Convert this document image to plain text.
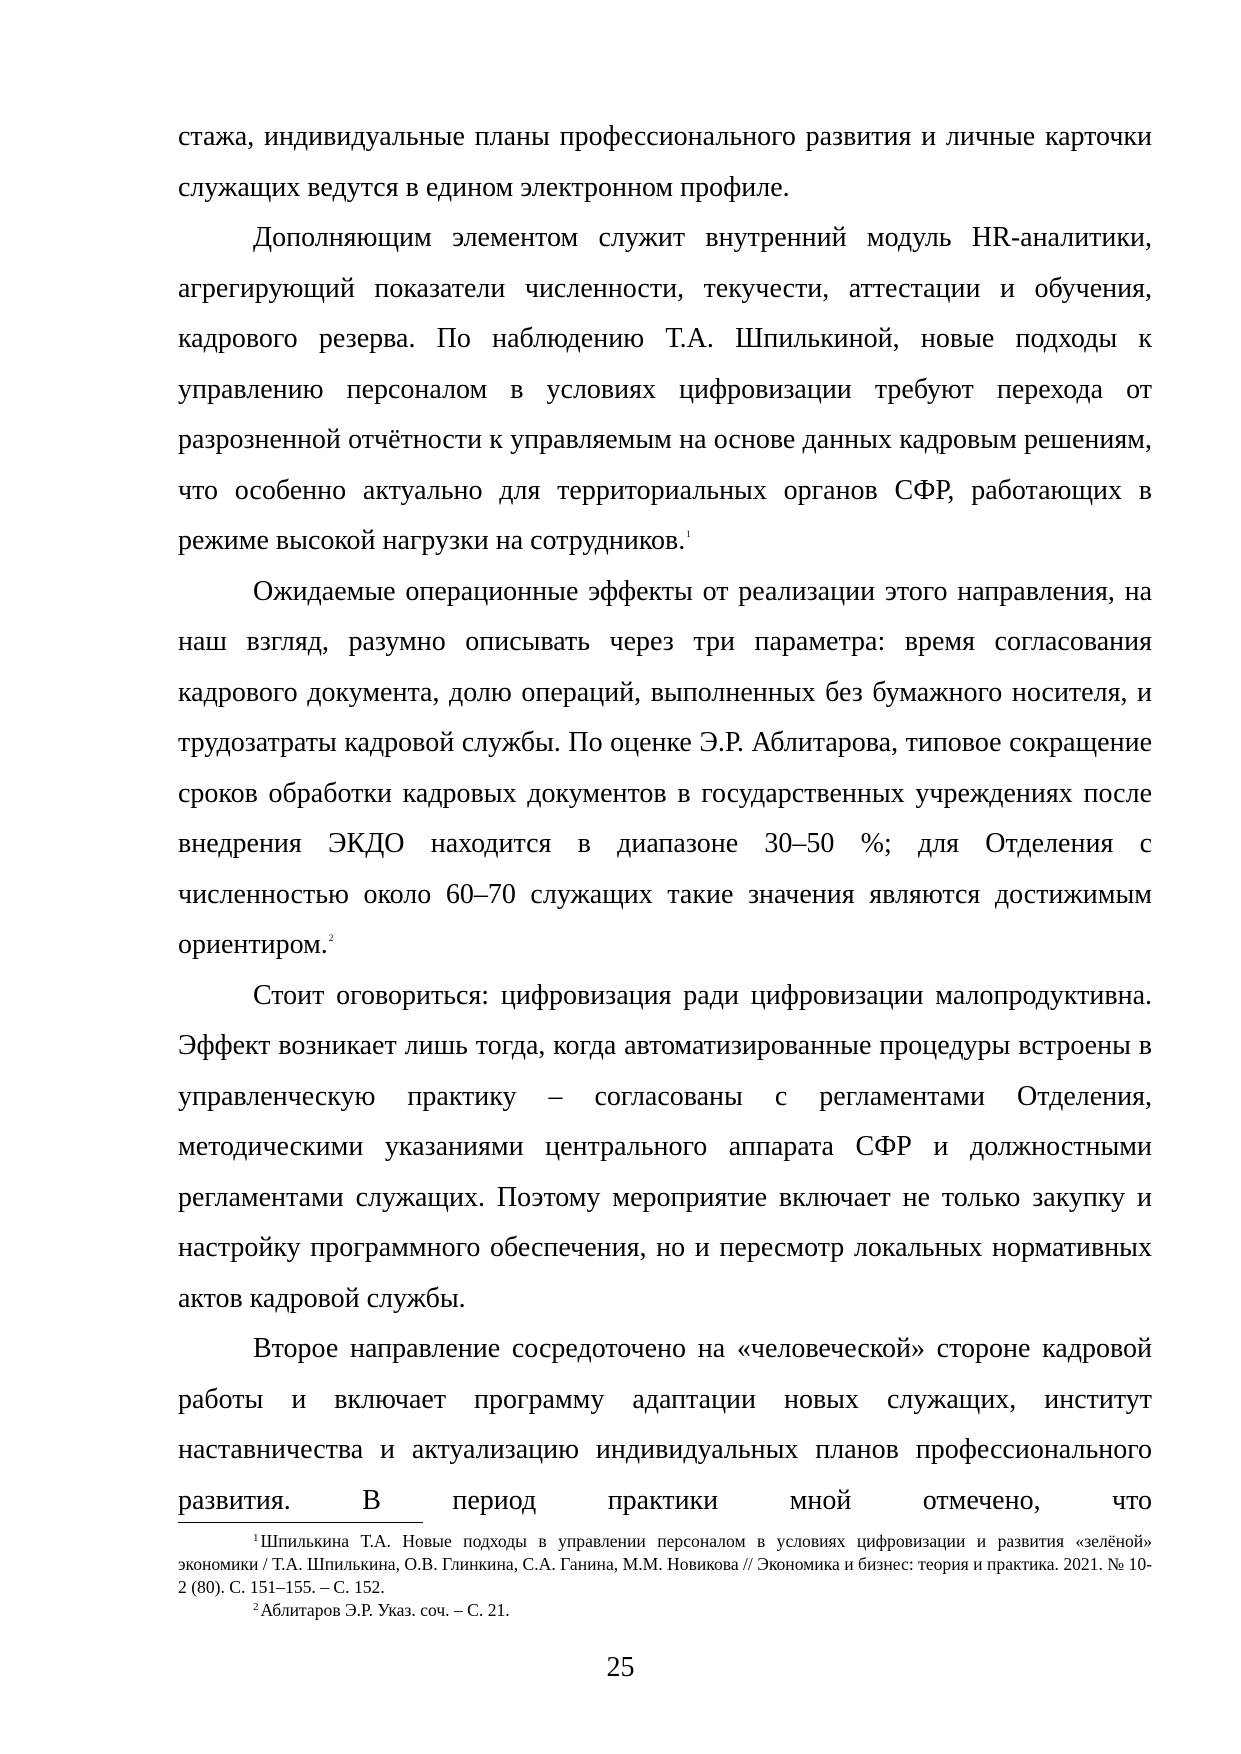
стажа, индивидуальные планы профессионального развития и личные карточки служащих ведутся в едином электронном профиле.

Дополняющим элементом служит внутренний модуль HR-аналитики, агрегирующий показатели численности, текучести, аттестации и обучения, кадрового резерва. По наблюдению Т.А. Шпилькиной, новые подходы к управлению персоналом в условиях цифровизации требуют перехода от разрозненной отчётности к управляемым на основе данных кадровым решениям, что особенно актуально для территориальных органов СФР, работающих в режиме высокой нагрузки на сотрудников.$^1$

Ожидаемые операционные эффекты от реализации этого направления, на наш взгляд, разумно описывать через три параметра: время согласования кадрового документа, долю операций, выполненных без бумажного носителя, и трудозатраты кадровой службы. По оценке Э.Р. Аблитарова, типовое сокращение сроков обработки кадровых документов в государственных учреждениях после внедрения ЭКДО находится в диапазоне 30–50 %; для Отделения с численностью около 60–70 служащих такие значения являются достижимым ориентиром.$^2$

Стоит оговориться: цифровизация ради цифровизации малопродуктивна. Эффект возникает лишь тогда, когда автоматизированные процедуры встроены в управленческую практику – согласованы с регламентами Отделения, методическими указаниями центрального аппарата СФР и должностными регламентами служащих. Поэтому мероприятие включает не только закупку и настройку программного обеспечения, но и пересмотр локальных нормативных актов кадровой службы.

Второе направление сосредоточено на «человеческой» стороне кадровой работы и включает программу адаптации новых служащих, институт наставничества и актуализацию индивидуальных планов профессионального развития. В период практики мной отмечено, что

$^1$ Шпилькина Т.А. Новые подходы в управлении персоналом в условиях цифровизации и развития «зелёной» экономики / Т.А. Шпилькина, О.В. Глинкина, С.А. Ганина, М.М. Новикова // Экономика и бизнес: теория и практика. 2021. № 10-2 (80). С. 151–155. – С. 152.

$^2$ Аблитаров Э.Р. Указ. соч. – С. 21.

25
